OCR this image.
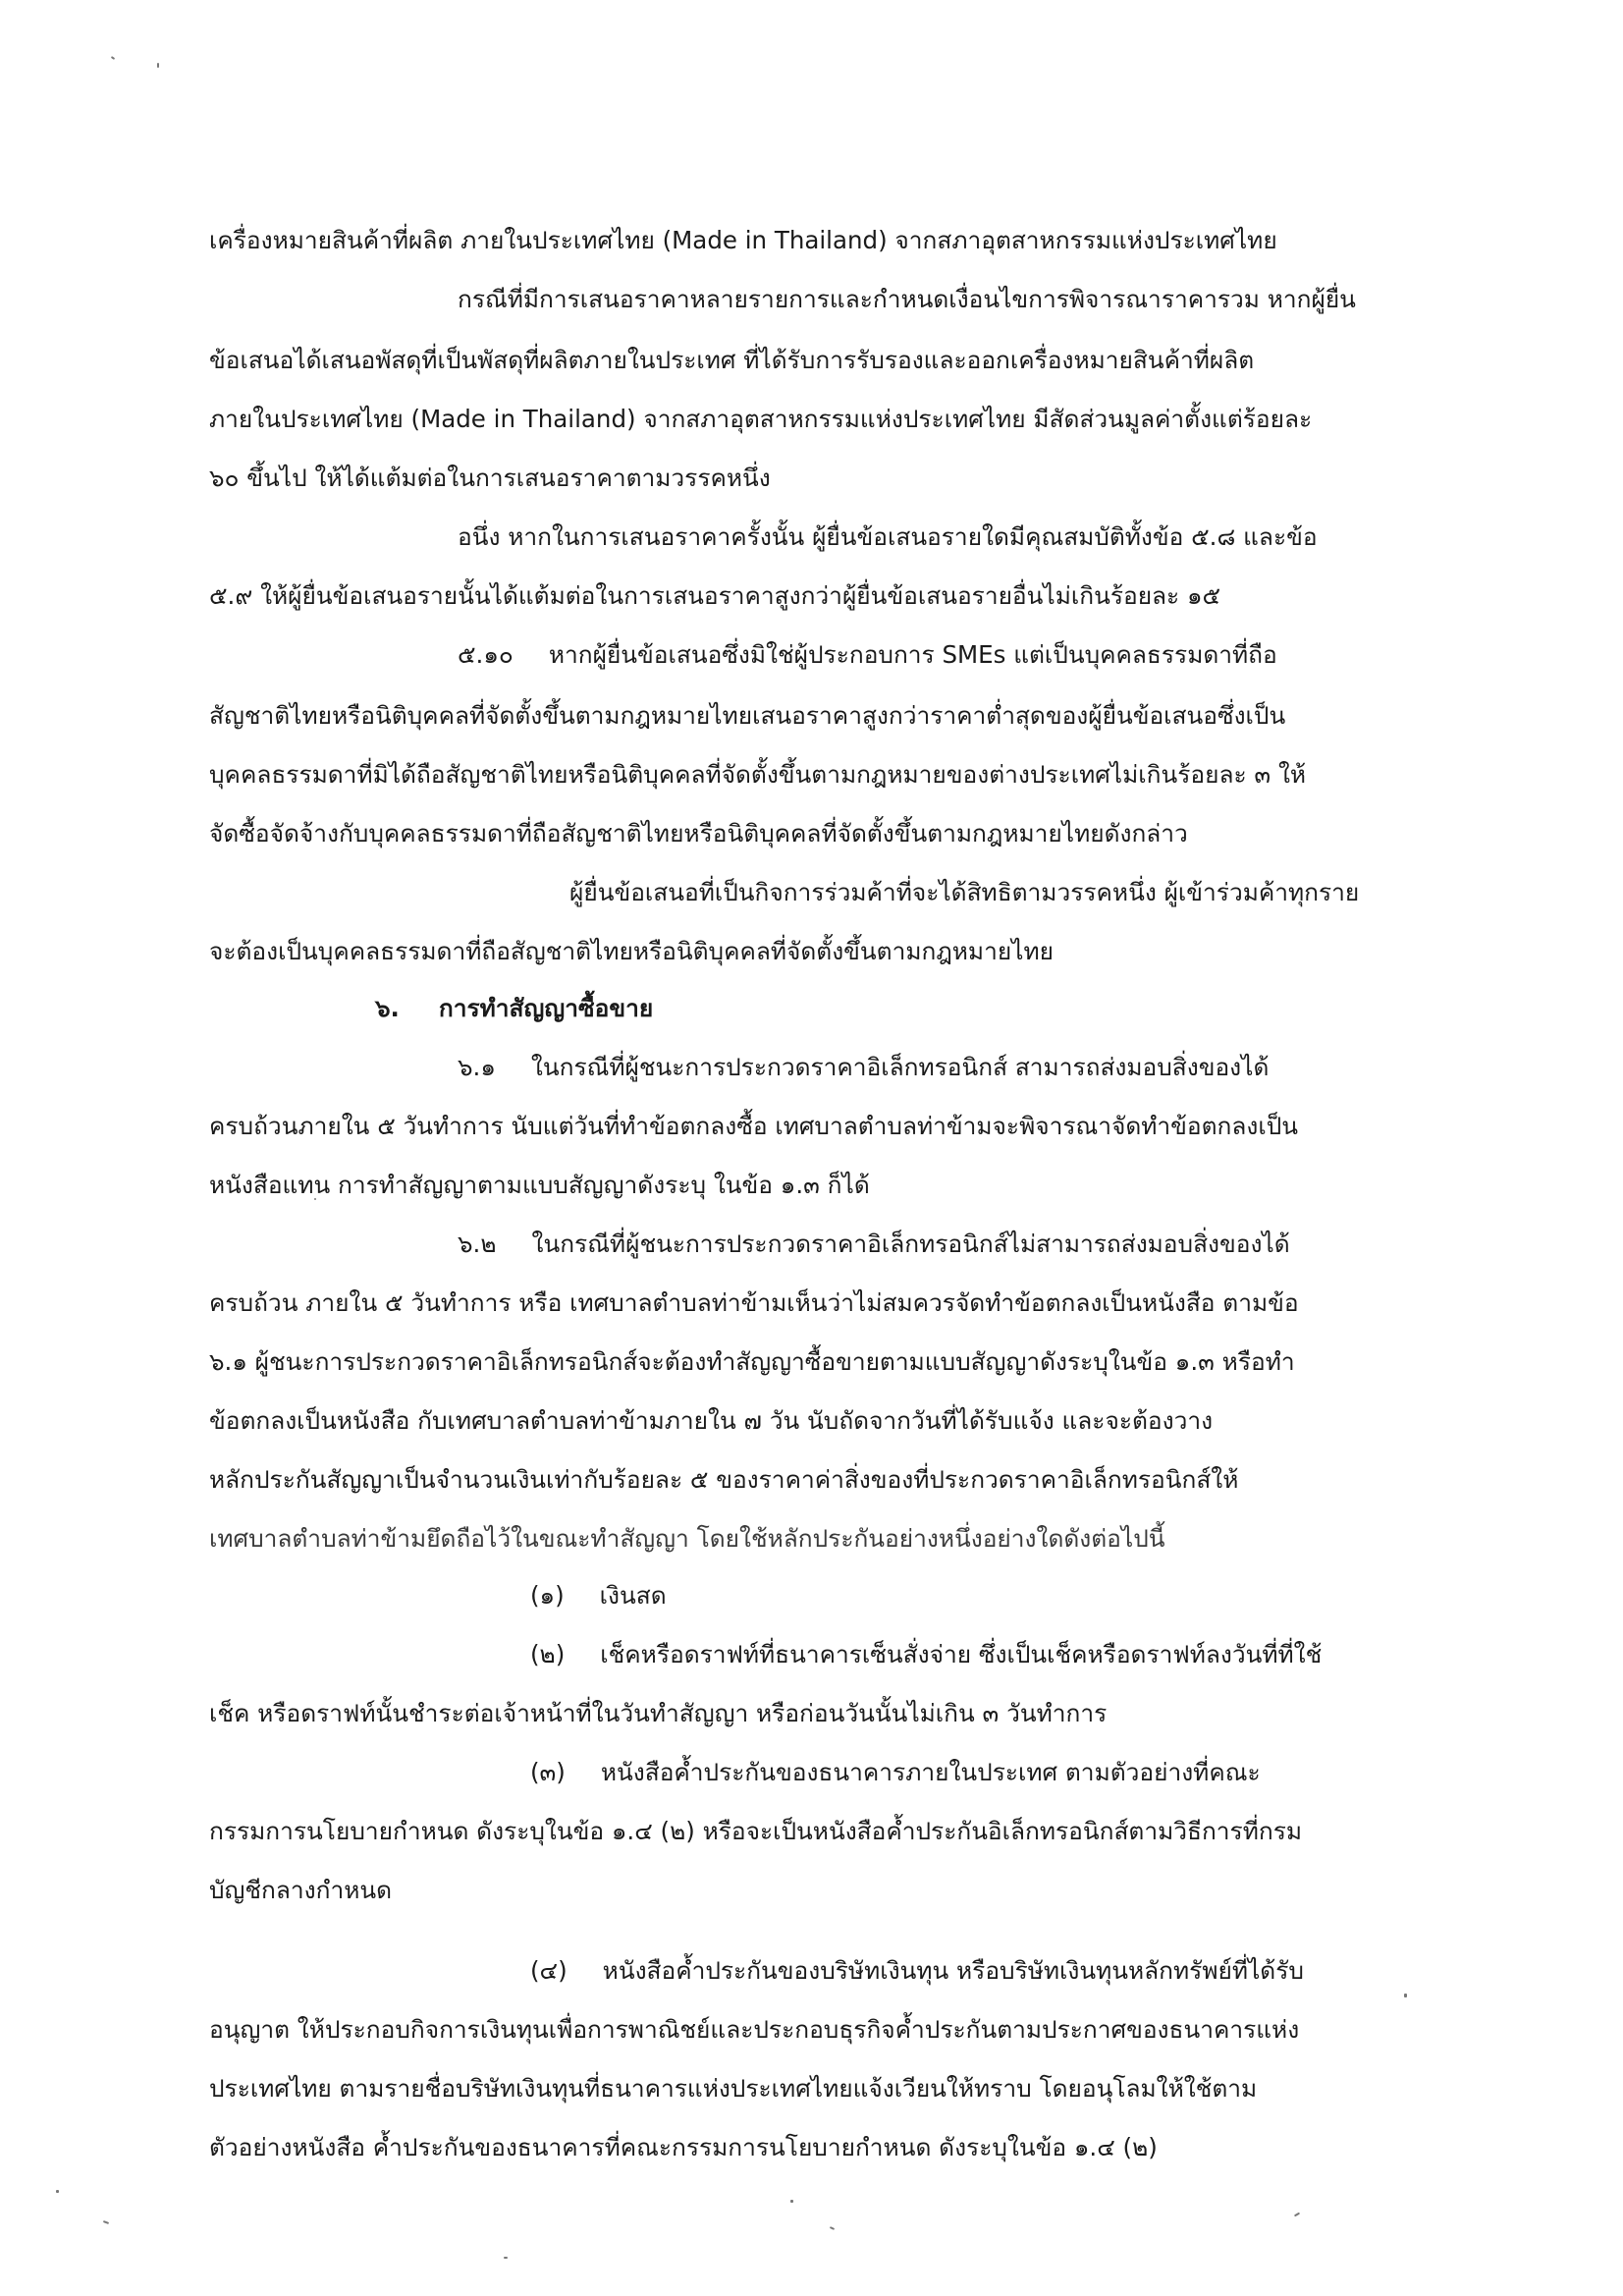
เครื่องหมายสินค้าที่ผลิต ภายในประเทศไทย (Made in Thailand) จากสภาอุตสาหกรรมแห่งประเทศไทย
กรณีที่มีการเสนอราคาหลายรายการและกำหนดเงื่อนไขการพิจารณาราคารวม หากผู้ยื่น
ข้อเสนอได้เสนอพัสดุที่เป็นพัสดุที่ผลิตภายในประเทศ ที่ได้รับการรับรองและออกเครื่องหมายสินค้าที่ผลิต
ภายในประเทศไทย (Made in Thailand) จากสภาอุตสาหกรรมแห่งประเทศไทย มีสัดส่วนมูลค่าตั้งแต่ร้อยละ
๖๐ ขึ้นไป ให้ได้แต้มต่อในการเสนอราคาตามวรรคหนึ่ง
อนึ่ง หากในการเสนอราคาครั้งนั้น ผู้ยื่นข้อเสนอรายใดมีคุณสมบัติทั้งข้อ ๕.๘ และข้อ
๕.๙ ให้ผู้ยื่นข้อเสนอรายนั้นได้แต้มต่อในการเสนอราคาสูงกว่าผู้ยื่นข้อเสนอรายอื่นไม่เกินร้อยละ ๑๕
๕.๑๐ หากผู้ยื่นข้อเสนอซึ่งมิใช่ผู้ประกอบการ SMEs แต่เป็นบุคคลธรรมดาที่ถือ
สัญชาติไทยหรือนิติบุคคลที่จัดตั้งขึ้นตามกฎหมายไทยเสนอราคาสูงกว่าราคาต่ำสุดของผู้ยื่นข้อเสนอซึ่งเป็น
บุคคลธรรมดาที่มิได้ถือสัญชาติไทยหรือนิติบุคคลที่จัดตั้งขึ้นตามกฎหมายของต่างประเทศไม่เกินร้อยละ ๓ ให้
จัดซื้อจัดจ้างกับบุคคลธรรมดาที่ถือสัญชาติไทยหรือนิติบุคคลที่จัดตั้งขึ้นตามกฎหมายไทยดังกล่าว
ผู้ยื่นข้อเสนอที่เป็นกิจการร่วมค้าที่จะได้สิทธิตามวรรคหนึ่ง ผู้เข้าร่วมค้าทุกราย
จะต้องเป็นบุคคลธรรมดาที่ถือสัญชาติไทยหรือนิติบุคคลที่จัดตั้งขึ้นตามกฎหมายไทย
๖. การทำสัญญาซื้อขาย
๖.๑ ในกรณีที่ผู้ชนะการประกวดราคาอิเล็กทรอนิกส์ สามารถส่งมอบสิ่งของได้
ครบถ้วนภายใน ๕ วันทำการ นับแต่วันที่ทำข้อตกลงซื้อ เทศบาลตำบลท่าข้ามจะพิจารณาจัดทำข้อตกลงเป็น
หนังสือแทน การทำสัญญาตามแบบสัญญาดังระบุ ในข้อ ๑.๓ ก็ได้
๖.๒ ในกรณีที่ผู้ชนะการประกวดราคาอิเล็กทรอนิกส์ไม่สามารถส่งมอบสิ่งของได้
ครบถ้วน ภายใน ๕ วันทำการ หรือ เทศบาลตำบลท่าข้ามเห็นว่าไม่สมควรจัดทำข้อตกลงเป็นหนังสือ ตามข้อ
๖.๑ ผู้ชนะการประกวดราคาอิเล็กทรอนิกส์จะต้องทำสัญญาซื้อขายตามแบบสัญญาดังระบุในข้อ ๑.๓ หรือทำ
ข้อตกลงเป็นหนังสือ กับเทศบาลตำบลท่าข้ามภายใน ๗ วัน นับถัดจากวันที่ได้รับแจ้ง และจะต้องวาง
หลักประกันสัญญาเป็นจำนวนเงินเท่ากับร้อยละ ๕ ของราคาค่าสิ่งของที่ประกวดราคาอิเล็กทรอนิกส์ให้
เทศบาลตำบลท่าข้ามยึดถือไว้ในขณะทำสัญญา โดยใช้หลักประกันอย่างหนึ่งอย่างใดดังต่อไปนี้
(๑) เงินสด
(๒) เช็คหรือดราฟท์ที่ธนาคารเซ็นสั่งจ่าย ซึ่งเป็นเช็คหรือดราฟท์ลงวันที่ที่ใช้
เช็ค หรือดราฟท์นั้นชำระต่อเจ้าหน้าที่ในวันทำสัญญา หรือก่อนวันนั้นไม่เกิน ๓ วันทำการ
(๓) หนังสือค้ำประกันของธนาคารภายในประเทศ ตามตัวอย่างที่คณะ
กรรมการนโยบายกำหนด ดังระบุในข้อ ๑.๔ (๒) หรือจะเป็นหนังสือค้ำประกันอิเล็กทรอนิกส์ตามวิธีการที่กรม
บัญชีกลางกำหนด
(๔) หนังสือค้ำประกันของบริษัทเงินทุน หรือบริษัทเงินทุนหลักทรัพย์ที่ได้รับ
อนุญาต ให้ประกอบกิจการเงินทุนเพื่อการพาณิชย์และประกอบธุรกิจค้ำประกันตามประกาศของธนาคารแห่ง
ประเทศไทย ตามรายชื่อบริษัทเงินทุนที่ธนาคารแห่งประเทศไทยแจ้งเวียนให้ทราบ โดยอนุโลมให้ใช้ตาม
ตัวอย่างหนังสือ ค้ำประกันของธนาคารที่คณะกรรมการนโยบายกำหนด ดังระบุในข้อ ๑.๔ (๒)
